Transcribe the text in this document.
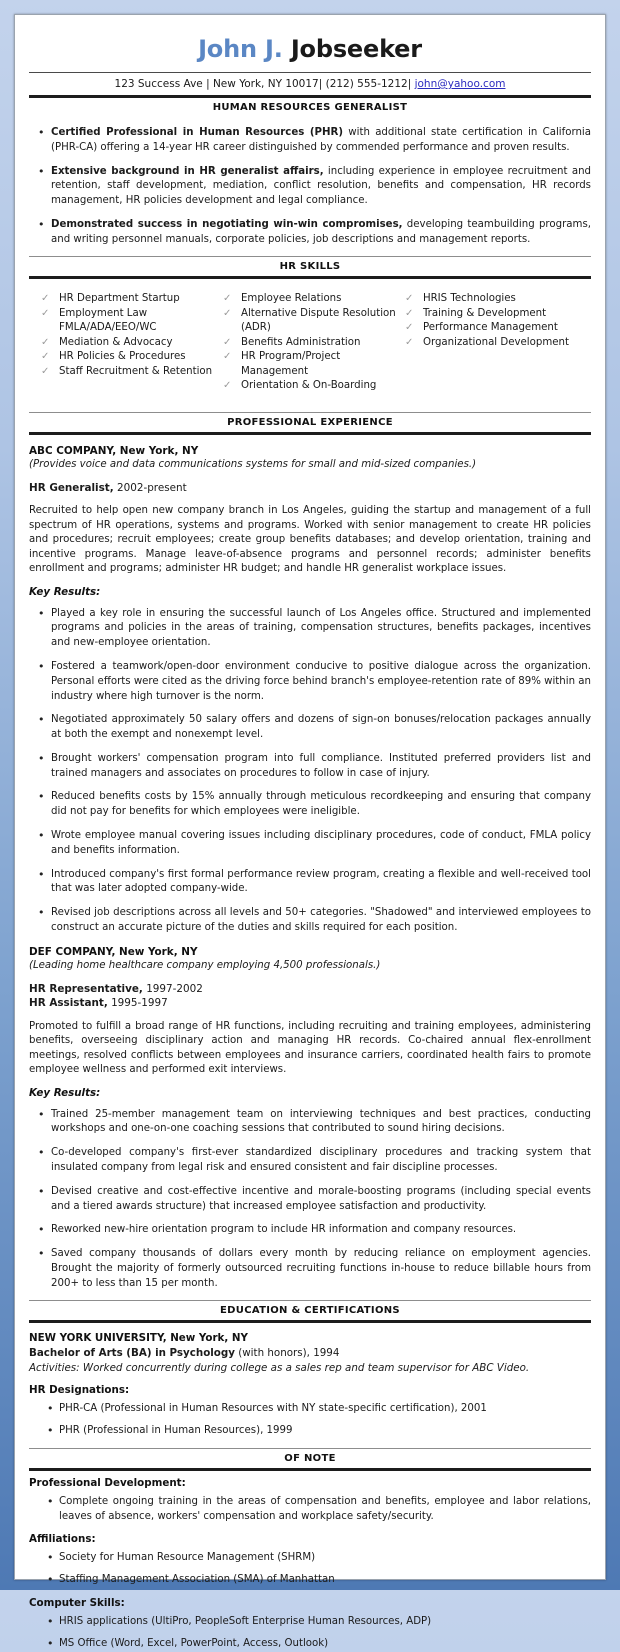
John J. Jobseeker
123 Success Ave | New York, NY 10017| (212) 555-1212| john@yahoo.com
HUMAN RESOURCES GENERALIST
• Certified Professional in Human Resources (PHR) with additional state certification in California (PHR-CA) offering a 14-year HR career distinguished by commended performance and proven results.
• Extensive background in HR generalist affairs, including experience in employee recruitment and retention, staff development, mediation, conflict resolution, benefits and compensation, HR records management, HR policies development and legal compliance.
• Demonstrated success in negotiating win-win compromises, developing teambuilding programs, and writing personnel manuals, corporate policies, job descriptions and management reports.
HR SKILLS
✓ HR Department Startup
✓ Employment Law FMLA/ADA/EEO/WC
✓ Mediation & Advocacy
✓ HR Policies & Procedures
✓ Staff Recruitment & Retention
✓ Employee Relations
✓ Alternative Dispute Resolution (ADR)
✓ Benefits Administration
✓ HR Program/Project Management
✓ Orientation & On-Boarding
✓ HRIS Technologies
✓ Training & Development
✓ Performance Management
✓ Organizational Development
PROFESSIONAL EXPERIENCE
ABC COMPANY, New York, NY
(Provides voice and data communications systems for small and mid-sized companies.)
HR Generalist, 2002-present
Recruited to help open new company branch in Los Angeles, guiding the startup and management of a full spectrum of HR operations, systems and programs. Worked with senior management to create HR policies and procedures; recruit employees; create group benefits databases; and develop orientation, training and incentive programs. Manage leave-of-absence programs and personnel records; administer benefits enrollment and programs; administer HR budget; and handle HR generalist workplace issues.
Key Results:
• Played a key role in ensuring the successful launch of Los Angeles office. Structured and implemented programs and policies in the areas of training, compensation structures, benefits packages, incentives and new-employee orientation.
• Fostered a teamwork/open-door environment conducive to positive dialogue across the organization. Personal efforts were cited as the driving force behind branch's employee-retention rate of 89% within an industry where high turnover is the norm.
• Negotiated approximately 50 salary offers and dozens of sign-on bonuses/relocation packages annually at both the exempt and nonexempt level.
• Brought workers' compensation program into full compliance. Instituted preferred providers list and trained managers and associates on procedures to follow in case of injury.
• Reduced benefits costs by 15% annually through meticulous recordkeeping and ensuring that company did not pay for benefits for which employees were ineligible.
• Wrote employee manual covering issues including disciplinary procedures, code of conduct, FMLA policy and benefits information.
• Introduced company's first formal performance review program, creating a flexible and well-received tool that was later adopted company-wide.
• Revised job descriptions across all levels and 50+ categories. "Shadowed" and interviewed employees to construct an accurate picture of the duties and skills required for each position.
DEF COMPANY, New York, NY
(Leading home healthcare company employing 4,500 professionals.)
HR Representative, 1997-2002
HR Assistant, 1995-1997
Promoted to fulfill a broad range of HR functions, including recruiting and training employees, administering benefits, overseeing disciplinary action and managing HR records. Co-chaired annual flex-enrollment meetings, resolved conflicts between employees and insurance carriers, coordinated health fairs to promote employee wellness and performed exit interviews.
Key Results:
• Trained 25-member management team on interviewing techniques and best practices, conducting workshops and one-on-one coaching sessions that contributed to sound hiring decisions.
• Co-developed company's first-ever standardized disciplinary procedures and tracking system that insulated company from legal risk and ensured consistent and fair discipline processes.
• Devised creative and cost-effective incentive and morale-boosting programs (including special events and a tiered awards structure) that increased employee satisfaction and productivity.
• Reworked new-hire orientation program to include HR information and company resources.
• Saved company thousands of dollars every month by reducing reliance on employment agencies. Brought the majority of formerly outsourced recruiting functions in-house to reduce billable hours from 200+ to less than 15 per month.
EDUCATION & CERTIFICATIONS
NEW YORK UNIVERSITY, New York, NY
Bachelor of Arts (BA) in Psychology (with honors), 1994
Activities: Worked concurrently during college as a sales rep and team supervisor for ABC Video.
HR Designations:
• PHR-CA (Professional in Human Resources with NY state-specific certification), 2001
• PHR (Professional in Human Resources), 1999
OF NOTE
Professional Development:
• Complete ongoing training in the areas of compensation and benefits, employee and labor relations, leaves of absence, workers' compensation and workplace safety/security.
Affiliations:
• Society for Human Resource Management (SHRM)
• Staffing Management Association (SMA) of Manhattan
Computer Skills:
• HRIS applications (UltiPro, PeopleSoft Enterprise Human Resources, ADP)
• MS Office (Word, Excel, PowerPoint, Access, Outlook)
